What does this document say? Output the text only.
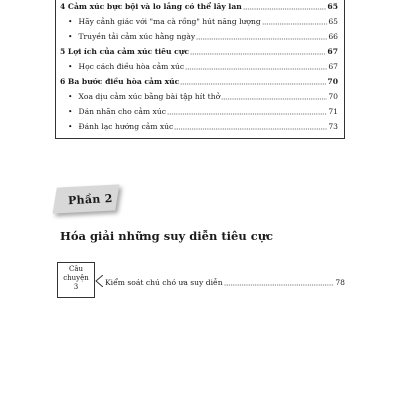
4 Cảm xúc bực bội và lo lắng có thể lây lan	65
• Hãy cảnh giác với "ma cà rồng" hút năng lượng	65
• Truyền tải cảm xúc hằng ngày	66
5 Lợi ích của cảm xúc tiêu cực	67
• Học cách điều hòa cảm xúc	67
6 Ba bước điều hòa cảm xúc	70
• Xoa dịu cảm xúc bằng bài tập hít thở	70
• Dán nhãn cho cảm xúc	71
• Đánh lạc hướng cảm xúc	73
Phần 2
Hóa giải những suy diễn tiêu cực
Câu
chuyện
3	Kiểm soát chú chó ưa suy diễn	78
